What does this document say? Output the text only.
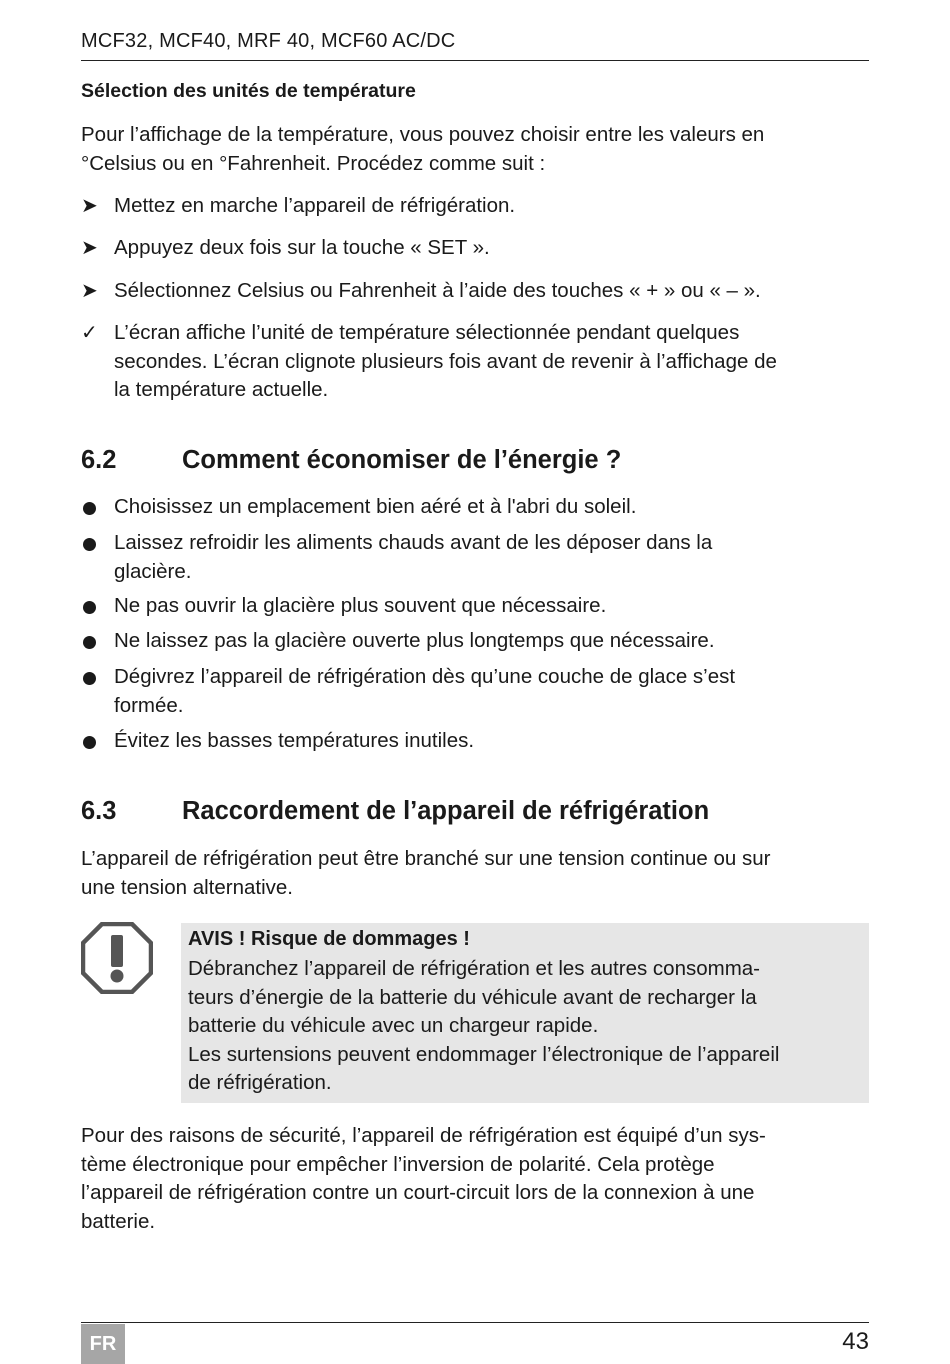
MCF32, MCF40, MRF 40, MCF60 AC/DC
Sélection des unités de température

Pour l’affichage de la température, vous pouvez choisir entre les valeurs en
°Celsius ou en °Fahrenheit. Procédez comme suit :

➤ Mettez en marche l’appareil de réfrigération.
➤ Appuyez deux fois sur la touche « SET ».
➤ Sélectionnez Celsius ou Fahrenheit à l’aide des touches « + » ou « – ».
✓ L’écran affiche l’unité de température sélectionnée pendant quelques
secondes. L’écran clignote plusieurs fois avant de revenir à l’affichage de
la température actuelle.
6.2	Comment économiser de l’énergie ?
Choisissez un emplacement bien aéré et à l'abri du soleil.
Laissez refroidir les aliments chauds avant de les déposer dans la
glacière.
Ne pas ouvrir la glacière plus souvent que nécessaire.
Ne laissez pas la glacière ouverte plus longtemps que nécessaire.
Dégivrez l’appareil de réfrigération dès qu’une couche de glace s’est
formée.
Évitez les basses températures inutiles.
6.3	Raccordement de l’appareil de réfrigération

L’appareil de réfrigération peut être branché sur une tension continue ou sur
une tension alternative.

AVIS ! Risque de dommages !

Débranchez l’appareil de réfrigération et les autres consomma-
teurs d’énergie de la batterie du véhicule avant de recharger la
batterie du véhicule avec un chargeur rapide.
Les surtensions peuvent endommager l’électronique de l’appareil
de réfrigération.

Pour des raisons de sécurité, l’appareil de réfrigération est équipé d’un sys-
tème électronique pour empêcher l’inversion de polarité. Cela protège
l’appareil de réfrigération contre un court-circuit lors de la connexion à une
batterie.

FR	43
